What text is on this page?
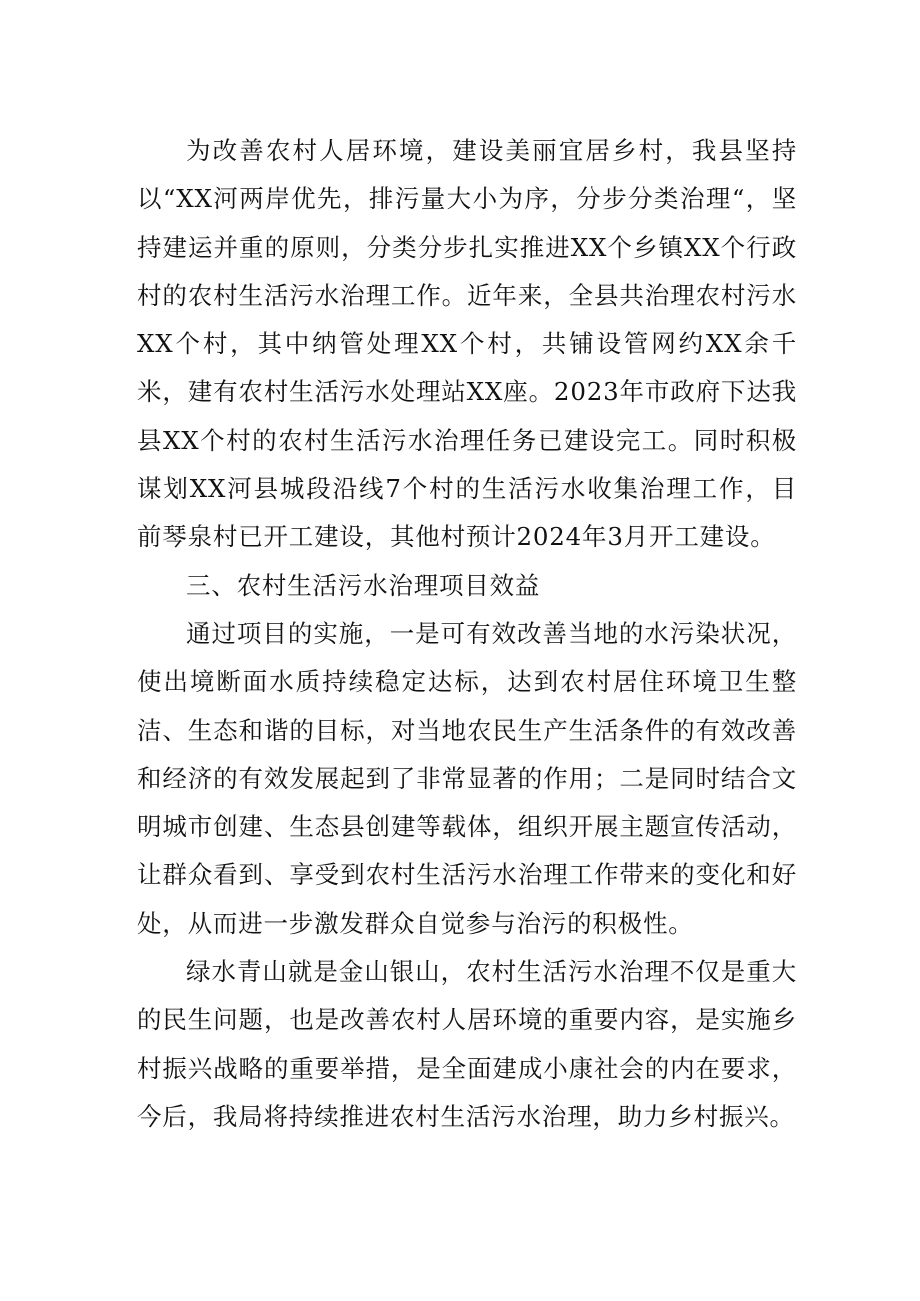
为改善农村人居环境，建设美丽宜居乡村，我县坚持以“XX河两岸优先，排污量大小为序，分步分类治理“，坚持建运并重的原则，分类分步扎实推进XX个乡镇XX个行政村的农村生活污水治理工作。近年来，全县共治理农村污水XX个村，其中纳管处理XX个村，共铺设管网约XX余千米，建有农村生活污水处理站XX座。2023年市政府下达我县XX个村的农村生活污水治理任务已建设完工。同时积极谋划XX河县城段沿线7个村的生活污水收集治理工作，目前琴泉村已开工建设，其他村预计2024年3月开工建设。

三、农村生活污水治理项目效益

通过项目的实施，一是可有效改善当地的水污染状况，使出境断面水质持续稳定达标，达到农村居住环境卫生整洁、生态和谐的目标，对当地农民生产生活条件的有效改善和经济的有效发展起到了非常显著的作用；二是同时结合文明城市创建、生态县创建等载体，组织开展主题宣传活动，让群众看到、享受到农村生活污水治理工作带来的变化和好处，从而进一步激发群众自觉参与治污的积极性。

绿水青山就是金山银山，农村生活污水治理不仅是重大的民生问题，也是改善农村人居环境的重要内容，是实施乡村振兴战略的重要举措，是全面建成小康社会的内在要求，今后，我局将持续推进农村生活污水治理，助力乡村振兴。
